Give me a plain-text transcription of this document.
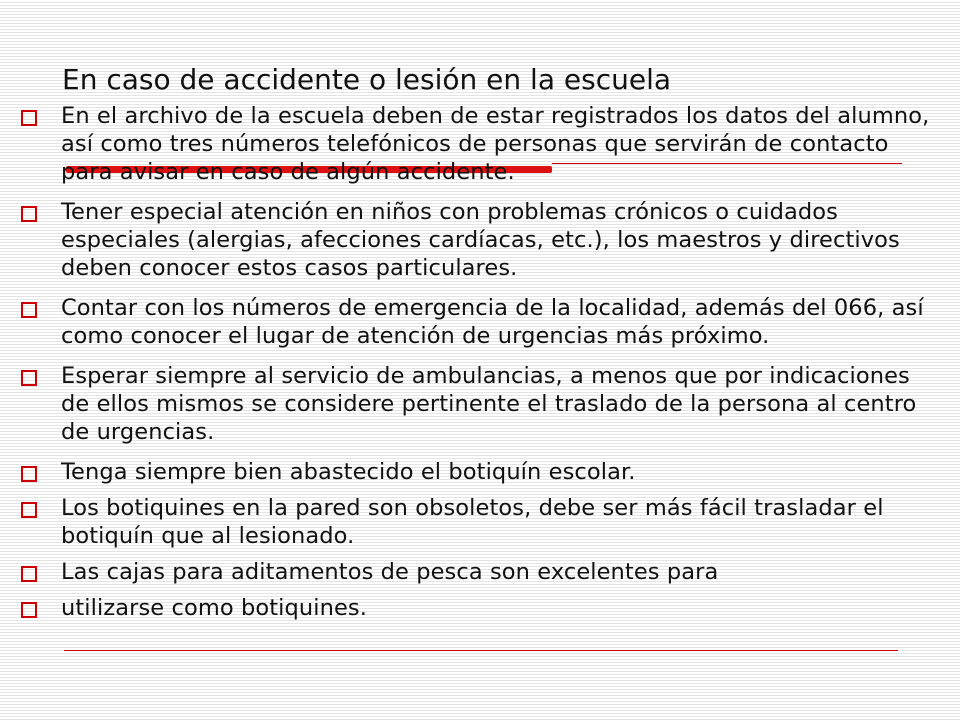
En caso de accidente o lesión en la escuela
En el archivo de la escuela deben de estar registrados los datos del alumno, así como tres números telefónicos de personas que servirán de contacto para avisar en caso de algún accidente.
Tener especial atención en niños con problemas crónicos o cuidados especiales (alergias, afecciones cardíacas, etc.), los maestros y directivos deben conocer estos casos particulares.
Contar con los números de emergencia de la localidad, además del 066, así como conocer el lugar de atención de urgencias más próximo.
Esperar siempre al servicio de ambulancias, a menos que por indicaciones de ellos mismos se considere pertinente el traslado de la persona al centro de urgencias.
Tenga siempre bien abastecido el botiquín escolar.
Los botiquines en la pared son obsoletos, debe ser más fácil trasladar el botiquín que al lesionado.
Las cajas para aditamentos de pesca son excelentes para
utilizarse como botiquines.
